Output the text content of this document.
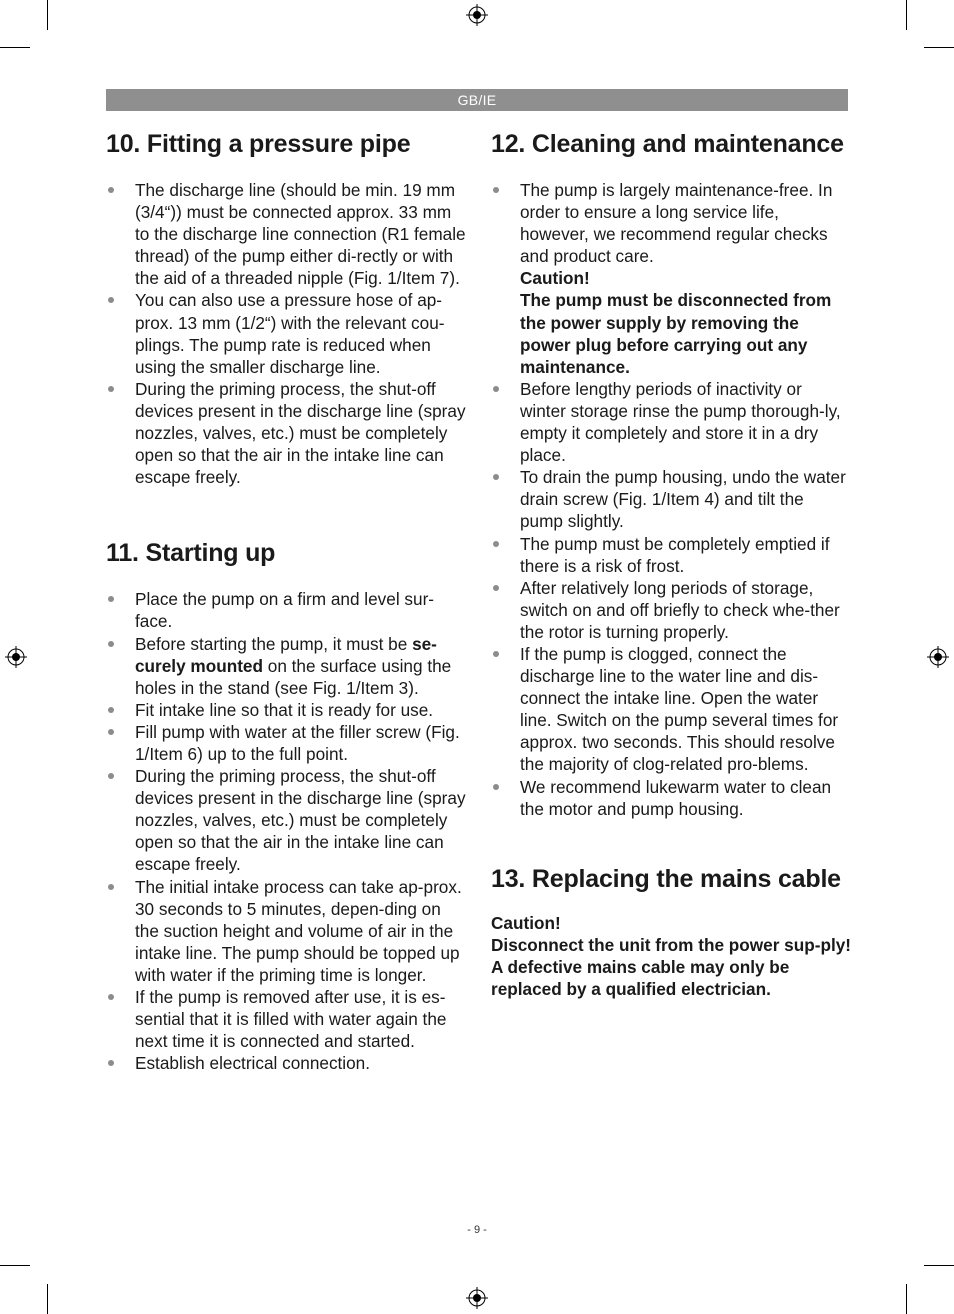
GB/IE
10. Fitting a pressure pipe
The discharge line (should be min. 19 mm (3/4“)) must be connected approx. 33 mm to the discharge line connection (R1 female thread) of the pump either di-rectly or with the aid of a threaded nipple (Fig. 1/Item 7).
You can also use a pressure hose of ap-prox. 13 mm (1/2“) with the relevant cou-plings. The pump rate is reduced when using the smaller discharge line.
During the priming process, the shut-off devices present in the discharge line (spray nozzles, valves, etc.) must be completely open so that the air in the intake line can escape freely.
11. Starting up
Place the pump on a firm and level sur-face.
Before starting the pump, it must be se-curely mounted on the surface using the holes in the stand (see Fig. 1/Item 3).
Fit intake line so that it is ready for use.
Fill pump with water at the filler screw (Fig. 1/Item 6) up to the full point.
During the priming process, the shut-off devices present in the discharge line (spray nozzles, valves, etc.) must be completely open so that the air in the intake line can escape freely.
The initial intake process can take ap-prox. 30 seconds to 5 minutes, depen-ding on the suction height and volume of air in the intake line. The pump should be topped up with water if the priming time is longer.
If the pump is removed after use, it is es-sential that it is filled with water again the next time it is connected and started.
Establish electrical connection.
12. Cleaning and maintenance
The pump is largely maintenance-free. In order to ensure a long service life, however, we recommend regular checks and product care.
Caution!
The pump must be disconnected from the power supply by removing the power plug before carrying out any maintenance.
Before lengthy periods of inactivity or winter storage rinse the pump thorough-ly, empty it completely and store it in a dry place.
To drain the pump housing, undo the water drain screw (Fig. 1/Item 4) and tilt the pump slightly.
The pump must be completely emptied if there is a risk of frost.
After relatively long periods of storage, switch on and off briefly to check whe-ther the rotor is turning properly.
If the pump is clogged, connect the discharge line to the water line and dis-connect the intake line. Open the water line. Switch on the pump several times for approx. two seconds. This should resolve the majority of clog-related pro-blems.
We recommend lukewarm water to clean the motor and pump housing.
13. Replacing the mains cable
Caution!
Disconnect the unit from the power sup-ply! A defective mains cable may only be replaced by a qualified electrician.
- 9 -
